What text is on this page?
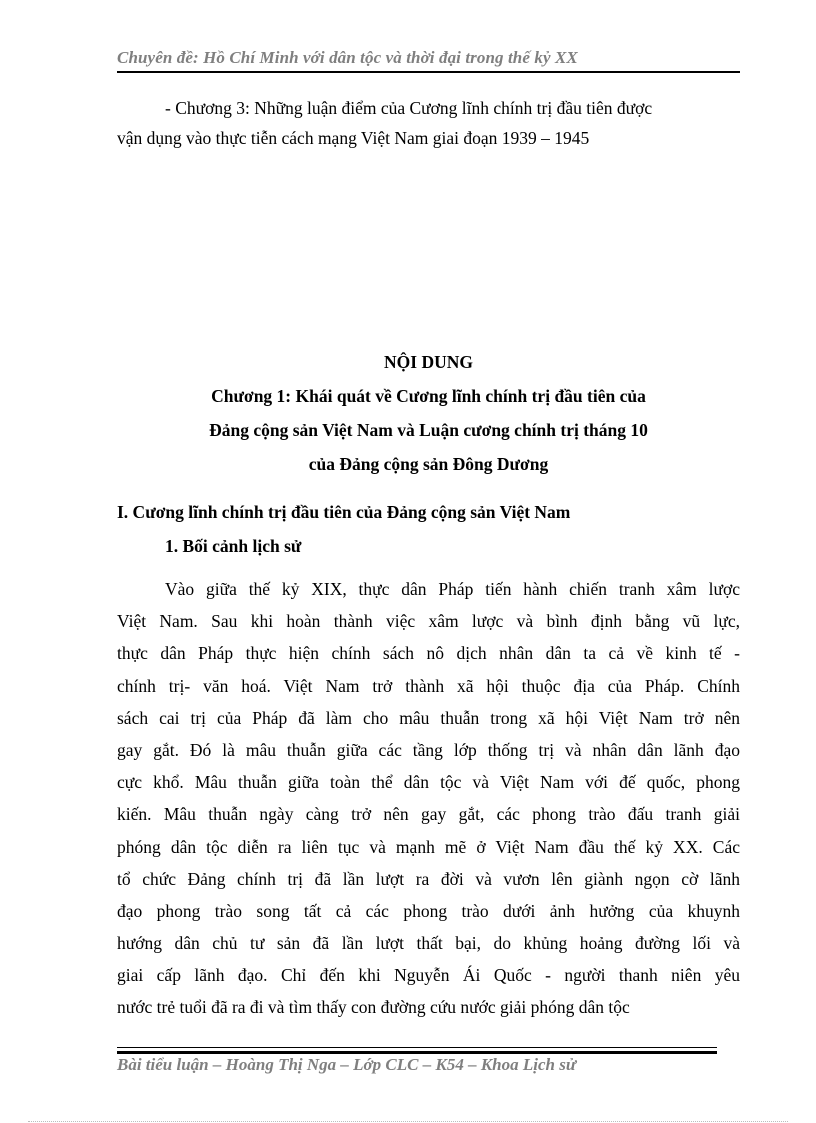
Chuyên đề: Hồ Chí Minh với dân tộc và thời đại trong thế kỷ XX
- Chương 3: Những luận điểm của Cương lĩnh chính trị đầu tiên được
vận dụng vào thực tiễn cách mạng Việt Nam giai đoạn 1939 – 1945
NỘI DUNG
Chương 1: Khái quát về Cương lĩnh chính trị đầu tiên của
Đảng cộng sản Việt Nam và Luận cương chính trị tháng 10
của Đảng cộng sản Đông Dương
I. Cương lĩnh chính trị đầu tiên của Đảng cộng sản Việt Nam
1. Bối cảnh lịch sử
Vào giữa thế kỷ XIX, thực dân Pháp tiến hành chiến tranh xâm lược
Việt Nam. Sau khi hoàn thành việc xâm lược và bình định bằng vũ lực,
thực dân Pháp thực hiện chính sách nô dịch nhân dân ta cả về kinh tế -
chính trị- văn hoá. Việt Nam trở thành xã hội thuộc địa của Pháp. Chính
sách cai trị của Pháp đã làm cho mâu thuẫn trong xã hội Việt Nam trở nên
gay gắt. Đó là mâu thuẫn giữa các tầng lớp thống trị và nhân dân lãnh đạo
cực khổ. Mâu thuẫn giữa toàn thể dân tộc và Việt Nam với đế quốc, phong
kiến. Mâu thuẫn ngày càng trở nên gay gắt, các phong trào đấu tranh giải
phóng dân tộc diễn ra liên tục và mạnh mẽ ở Việt Nam đầu thế kỷ XX. Các
tổ chức Đảng chính trị đã lần lượt ra đời và vươn lên giành ngọn cờ lãnh
đạo phong trào song tất cả các phong trào dưới ảnh hưởng của khuynh
hướng dân chủ tư sản đã lần lượt thất bại, do khủng hoảng đường lối và
giai cấp lãnh đạo. Chỉ đến khi Nguyễn Ái Quốc - người thanh niên yêu
nước trẻ tuổi đã ra đi và tìm thấy con đường cứu nước giải phóng dân tộc
Bài tiểu luận – Hoàng Thị Nga – Lớp CLC – K54 – Khoa Lịch sử
